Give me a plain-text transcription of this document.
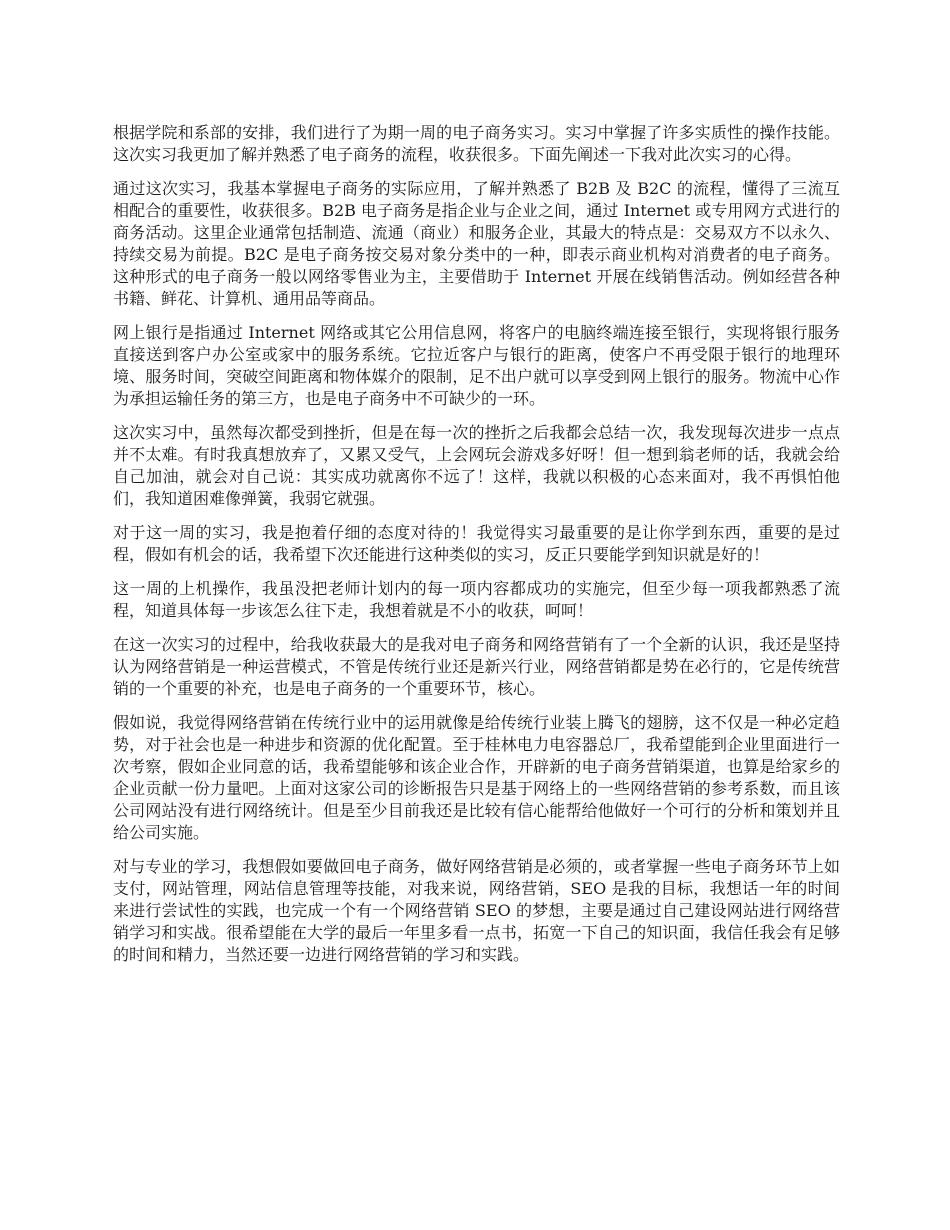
根据学院和系部的安排，我们进行了为期一周的电子商务实习。实习中掌握了许多实质性的操作技能。这次实习我更加了解并熟悉了电子商务的流程，收获很多。下面先阐述一下我对此次实习的心得。

通过这次实习，我基本掌握电子商务的实际应用，了解并熟悉了 B2B 及 B2C 的流程，懂得了三流互相配合的重要性，收获很多。B2B 电子商务是指企业与企业之间，通过 Internet 或专用网方式进行的商务活动。这里企业通常包括制造、流通（商业）和服务企业，其最大的特点是：交易双方不以永久、持续交易为前提。B2C 是电子商务按交易对象分类中的一种，即表示商业机构对消费者的电子商务。这种形式的电子商务一般以网络零售业为主，主要借助于 Internet 开展在线销售活动。例如经营各种书籍、鲜花、计算机、通用品等商品。

网上银行是指通过 Internet 网络或其它公用信息网，将客户的电脑终端连接至银行，实现将银行服务直接送到客户办公室或家中的服务系统。它拉近客户与银行的距离，使客户不再受限于银行的地理环境、服务时间，突破空间距离和物体媒介的限制，足不出户就可以享受到网上银行的服务。物流中心作为承担运输任务的第三方，也是电子商务中不可缺少的一环。

这次实习中，虽然每次都受到挫折，但是在每一次的挫折之后我都会总结一次，我发现每次进步一点点并不太难。有时我真想放弃了，又累又受气，上会网玩会游戏多好呀！但一想到翁老师的话，我就会给自己加油，就会对自己说：其实成功就离你不远了！这样，我就以积极的心态来面对，我不再惧怕他们，我知道困难像弹簧，我弱它就强。

对于这一周的实习，我是抱着仔细的态度对待的！我觉得实习最重要的是让你学到东西，重要的是过程，假如有机会的话，我希望下次还能进行这种类似的实习，反正只要能学到知识就是好的！

这一周的上机操作，我虽没把老师计划内的每一项内容都成功的实施完，但至少每一项我都熟悉了流程，知道具体每一步该怎么往下走，我想着就是不小的收获，呵呵！

在这一次实习的过程中，给我收获最大的是我对电子商务和网络营销有了一个全新的认识，我还是坚持认为网络营销是一种运营模式，不管是传统行业还是新兴行业，网络营销都是势在必行的，它是传统营销的一个重要的补充，也是电子商务的一个重要环节，核心。

假如说，我觉得网络营销在传统行业中的运用就像是给传统行业装上腾飞的翅膀，这不仅是一种必定趋势，对于社会也是一种进步和资源的优化配置。至于桂林电力电容器总厂，我希望能到企业里面进行一次考察，假如企业同意的话，我希望能够和该企业合作，开辟新的电子商务营销渠道，也算是给家乡的企业贡献一份力量吧。上面对这家公司的诊断报告只是基于网络上的一些网络营销的参考系数，而且该公司网站没有进行网络统计。但是至少目前我还是比较有信心能帮给他做好一个可行的分析和策划并且给公司实施。

对与专业的学习，我想假如要做回电子商务，做好网络营销是必须的，或者掌握一些电子商务环节上如支付，网站管理，网站信息管理等技能，对我来说，网络营销，SEO 是我的目标，我想话一年的时间来进行尝试性的实践，也完成一个有一个网络营销 SEO 的梦想，主要是通过自己建设网站进行网络营销学习和实战。很希望能在大学的最后一年里多看一点书，拓宽一下自己的知识面，我信任我会有足够的时间和精力，当然还要一边进行网络营销的学习和实践。
